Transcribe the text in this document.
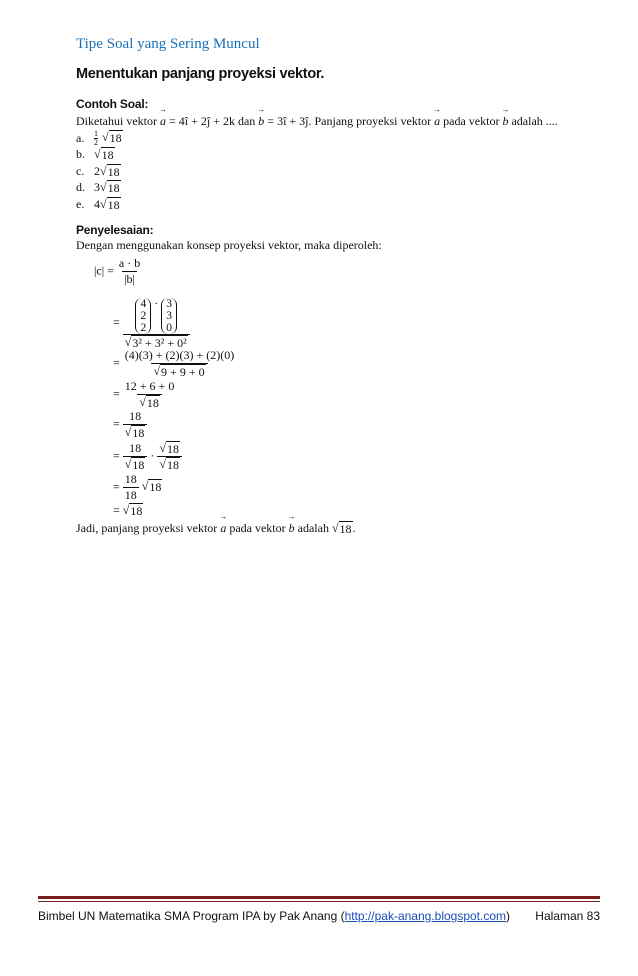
Tipe Soal yang Sering Muncul
Menentukan panjang proyeksi vektor.
Contoh Soal:
Diketahui vektor → a = 4î + 2ĵ + 2k dan → b = 3î + 3ĵ. Panjang proyeksi vektor → a pada vektor → b adalah ....
a.	$\frac{1}{2}$ √ 18
b. √ 18
c. 2 √ 18
d. 3 √ 18
e. 4 √ 18
Penyelesaian:
Dengan menggunakan konsep proyeksi vektor, maka diperoleh:
$|c| = \frac{a \cdot b}{|b|}$
= 4
2
2
· 3
3
0
√ 3² + 3² + 0²
= $\frac{(4)(3) + (2)(3) + (2)(0)}{√ 9 + 9 + 0}$
= $\frac{12 + 6 + 0}{√ 18}$
= $\frac{18}{√ 18}$
= $\frac{18}{√ 18} \cdot \frac{√ 18}{√ 18}$
= $\frac{18}{18}$
√ 18
= √ 18
Jadi, panjang proyeksi vektor → a pada vektor → b adalah √ 18 .
Bimbel UN Matematika SMA Program IPA by Pak Anang (http://pak-anang.blogspot.com) Halaman 83
